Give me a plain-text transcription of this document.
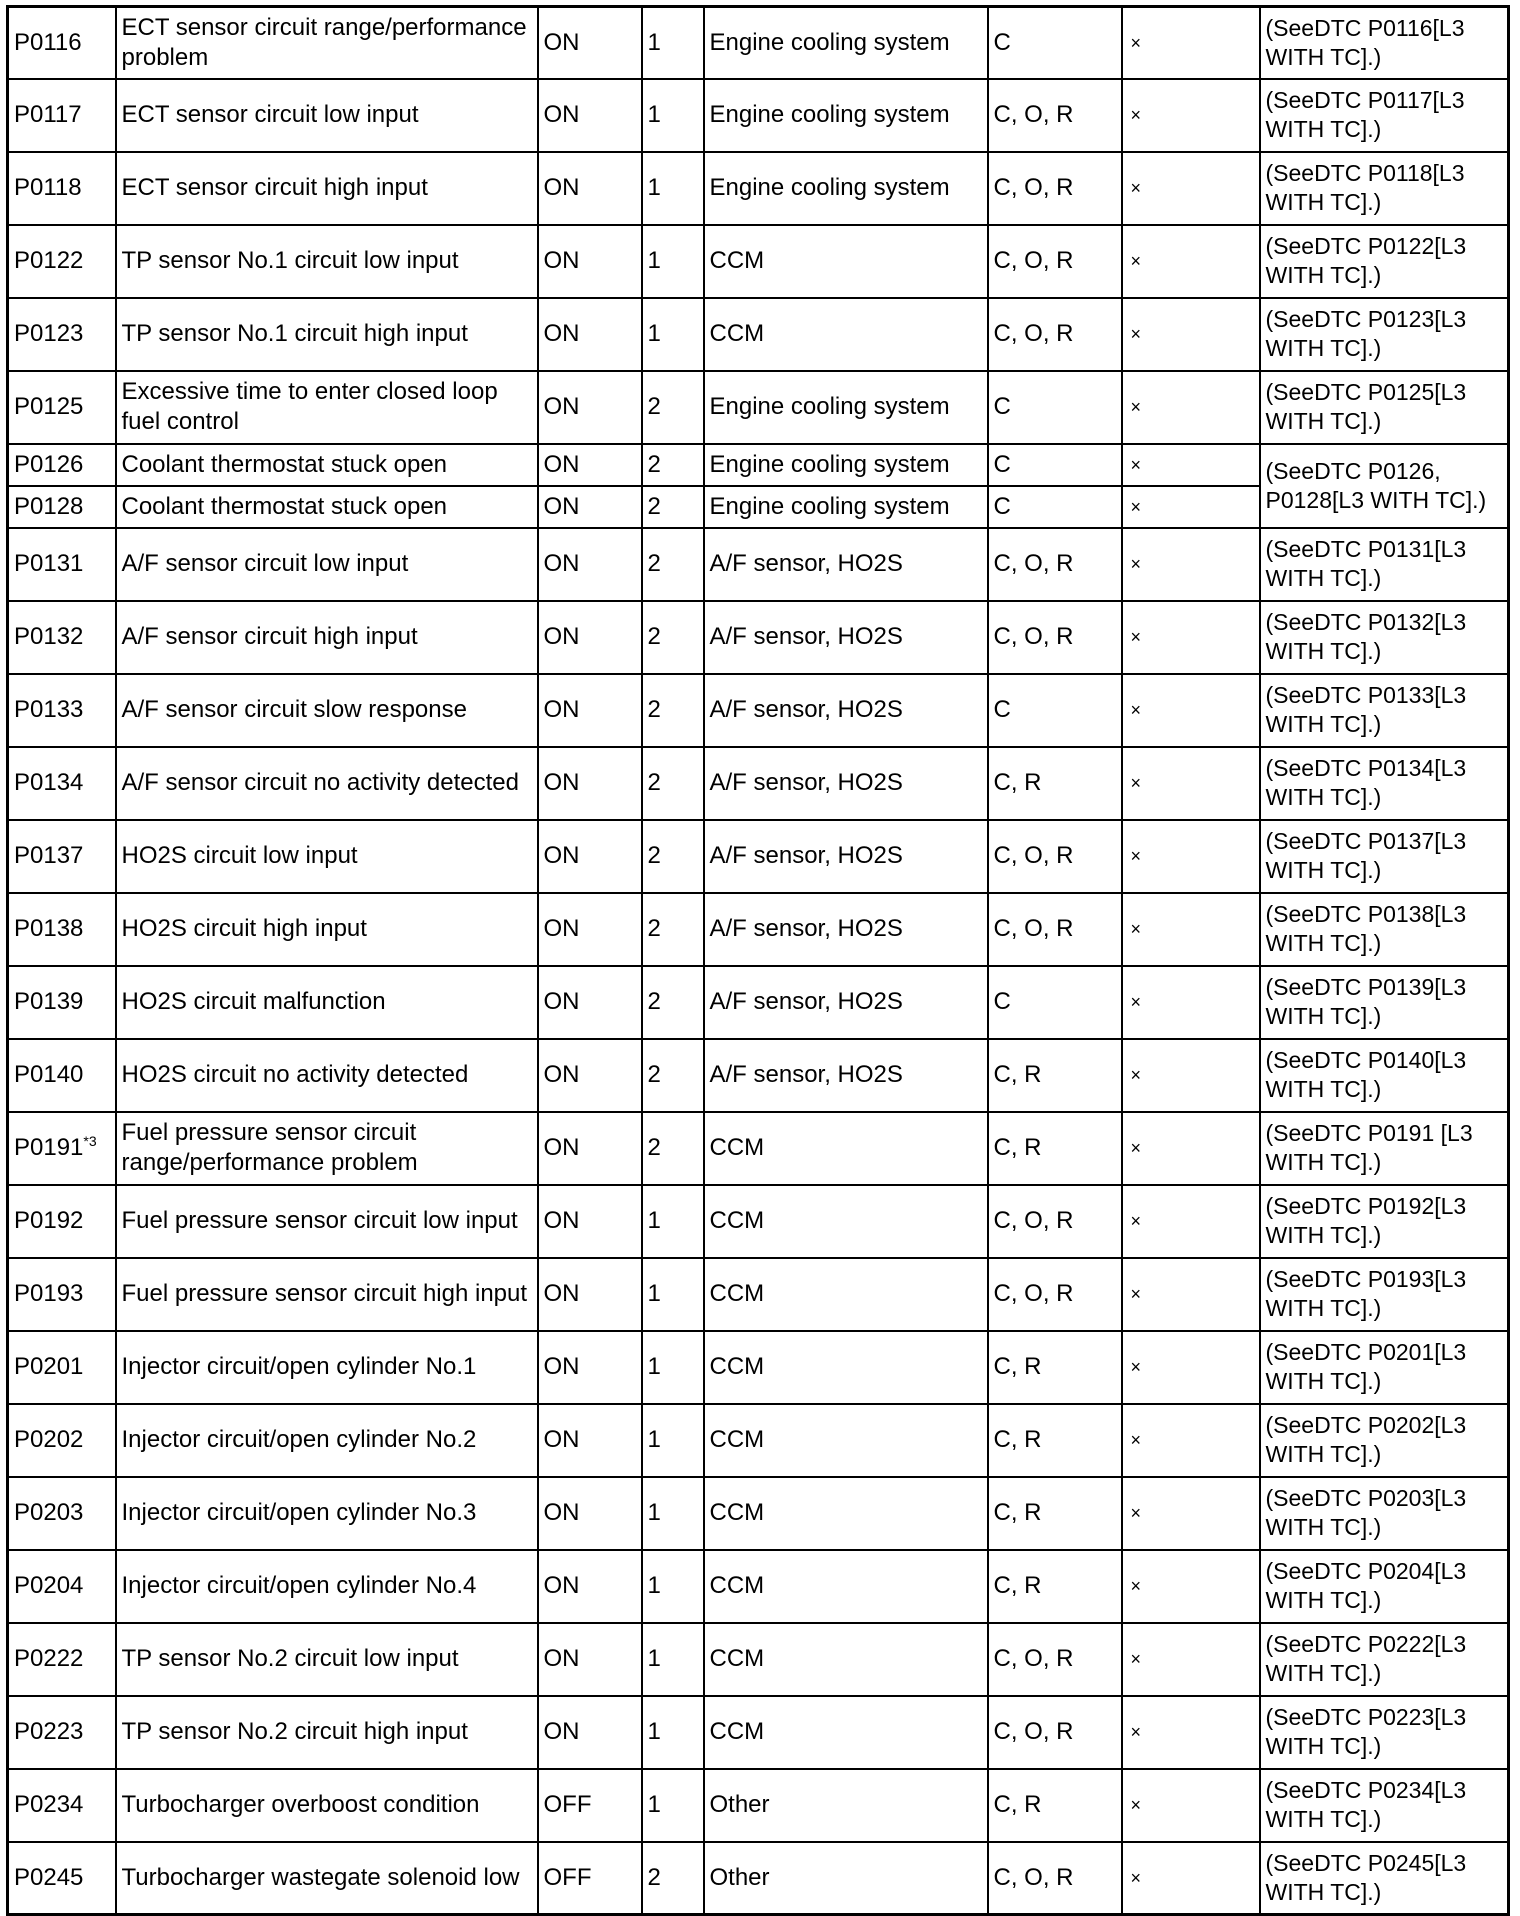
P0116	ECT sensor circuit range/performance problem	ON	1	Engine cooling system	C	×	(SeeDTC P0116[L3 WITH TC].)
P0117	ECT sensor circuit low input	ON	1	Engine cooling system	C, O, R	×	(SeeDTC P0117[L3 WITH TC].)
P0118	ECT sensor circuit high input	ON	1	Engine cooling system	C, O, R	×	(SeeDTC P0118[L3 WITH TC].)
P0122	TP sensor No.1 circuit low input	ON	1	CCM	C, O, R	×	(SeeDTC P0122[L3 WITH TC].)
P0123	TP sensor No.1 circuit high input	ON	1	CCM	C, O, R	×	(SeeDTC P0123[L3 WITH TC].)
P0125	Excessive time to enter closed loop fuel control	ON	2	Engine cooling system	C	×	(SeeDTC P0125[L3 WITH TC].)
P0126	Coolant thermostat stuck open	ON	2	Engine cooling system	C	×	(SeeDTC P0126, P0128[L3 WITH TC].)
P0128	Coolant thermostat stuck open	ON	2	Engine cooling system	C	×	
P0131	A/F sensor circuit low input	ON	2	A/F sensor, HO2S	C, O, R	×	(SeeDTC P0131[L3 WITH TC].)
P0132	A/F sensor circuit high input	ON	2	A/F sensor, HO2S	C, O, R	×	(SeeDTC P0132[L3 WITH TC].)
P0133	A/F sensor circuit slow response	ON	2	A/F sensor, HO2S	C	×	(SeeDTC P0133[L3 WITH TC].)
P0134	A/F sensor circuit no activity detected	ON	2	A/F sensor, HO2S	C, R	×	(SeeDTC P0134[L3 WITH TC].)
P0137	HO2S circuit low input	ON	2	A/F sensor, HO2S	C, O, R	×	(SeeDTC P0137[L3 WITH TC].)
P0138	HO2S circuit high input	ON	2	A/F sensor, HO2S	C, O, R	×	(SeeDTC P0138[L3 WITH TC].)
P0139	HO2S circuit malfunction	ON	2	A/F sensor, HO2S	C	×	(SeeDTC P0139[L3 WITH TC].)
P0140	HO2S circuit no activity detected	ON	2	A/F sensor, HO2S	C, R	×	(SeeDTC P0140[L3 WITH TC].)
P0191$^{*3}$	Fuel pressure sensor circuit range/performance problem	ON	2	CCM	C, R	×	(SeeDTC P0191 [L3 WITH TC].)
P0192	Fuel pressure sensor circuit low input	ON	1	CCM	C, O, R	×	(SeeDTC P0192[L3 WITH TC].)
P0193	Fuel pressure sensor circuit high input	ON	1	CCM	C, O, R	×	(SeeDTC P0193[L3 WITH TC].)
P0201	Injector circuit/open cylinder No.1	ON	1	CCM	C, R	×	(SeeDTC P0201[L3 WITH TC].)
P0202	Injector circuit/open cylinder No.2	ON	1	CCM	C, R	×	(SeeDTC P0202[L3 WITH TC].)
P0203	Injector circuit/open cylinder No.3	ON	1	CCM	C, R	×	(SeeDTC P0203[L3 WITH TC].)
P0204	Injector circuit/open cylinder No.4	ON	1	CCM	C, R	×	(SeeDTC P0204[L3 WITH TC].)
P0222	TP sensor No.2 circuit low input	ON	1	CCM	C, O, R	×	(SeeDTC P0222[L3 WITH TC].)
P0223	TP sensor No.2 circuit high input	ON	1	CCM	C, O, R	×	(SeeDTC P0223[L3 WITH TC].)
P0234	Turbocharger overboost condition	OFF	1	Other	C, R	×	(SeeDTC P0234[L3 WITH TC].)
P0245	Turbocharger wastegate solenoid low	OFF	2	Other	C, O, R	×	(SeeDTC P0245[L3 WITH TC].)
